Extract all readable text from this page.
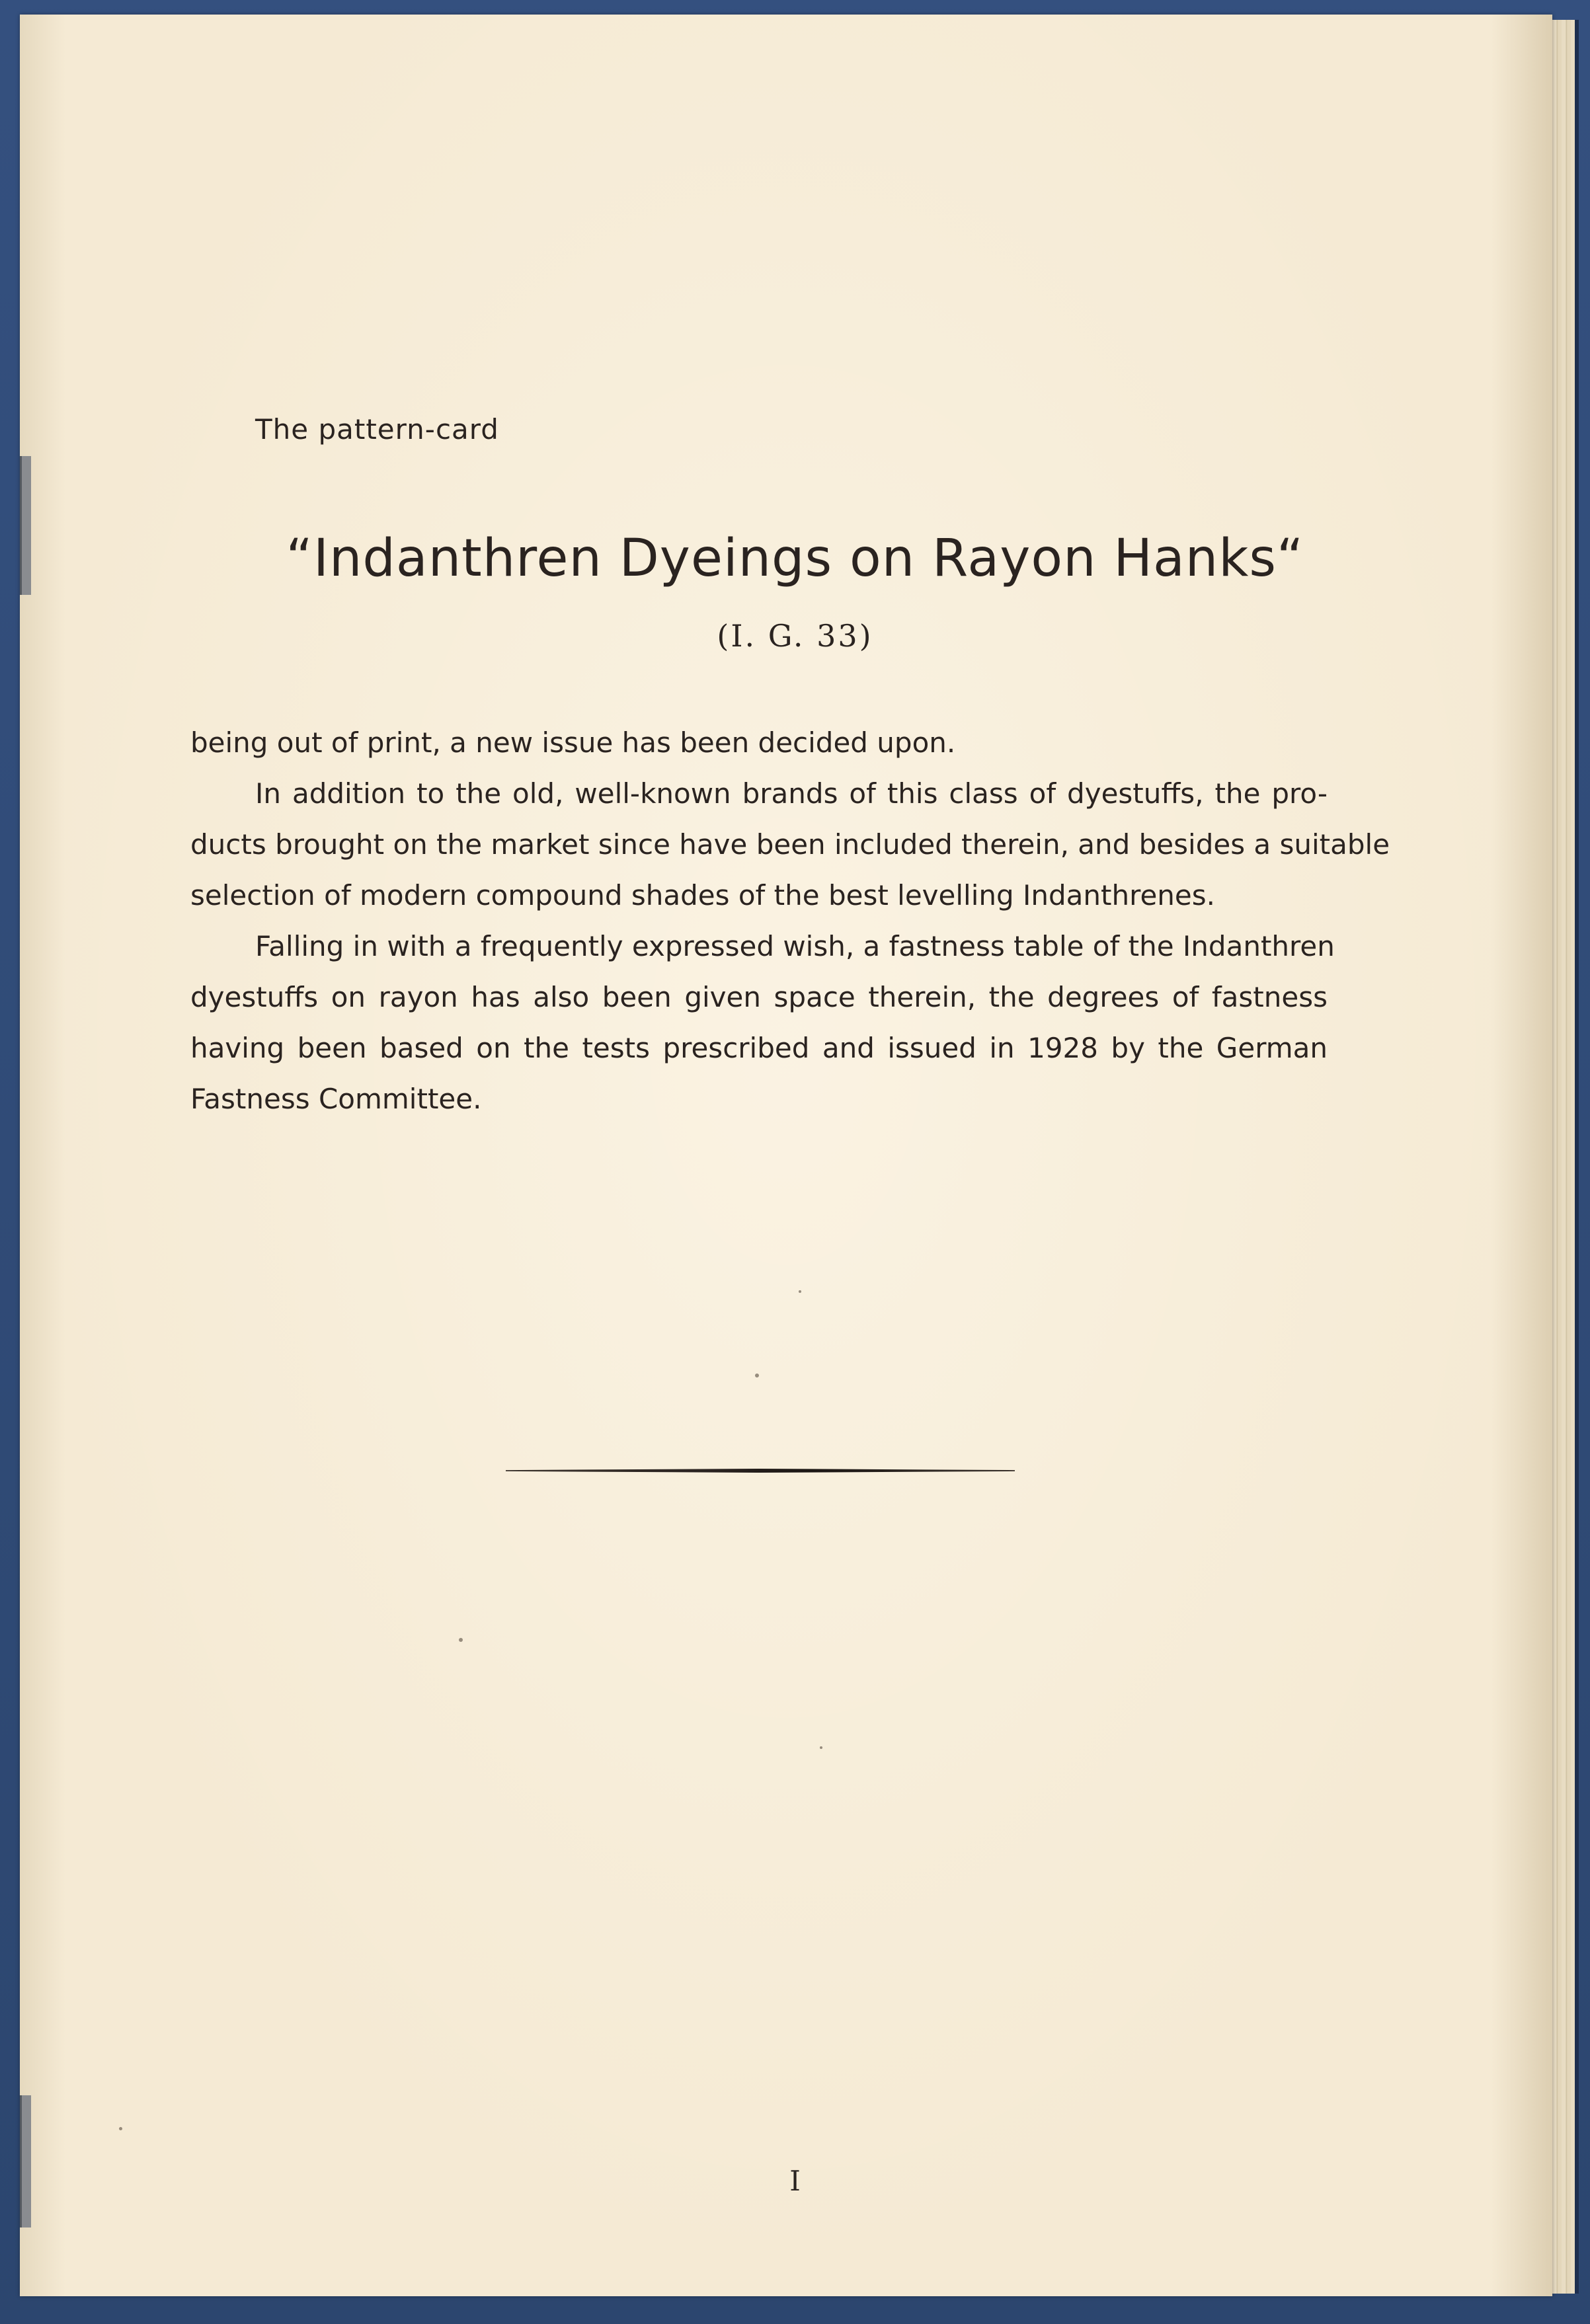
The pattern-card
“Indanthren Dyeings on Rayon Hanks“
(I. G. 33)
being out of print, a new issue has been decided upon.
In addition to the old, well-known brands of this class of dyestuffs, the pro-
ducts brought on the market since have been included therein, and besides a suitable
selection of modern compound shades of the best levelling Indanthrenes.
Falling in with a frequently expressed wish, a fastness table of the Indanthren
dyestuffs on rayon has also been given space therein, the degrees of fastness
having been based on the tests prescribed and issued in 1928 by the German
Fastness Committee.
I
